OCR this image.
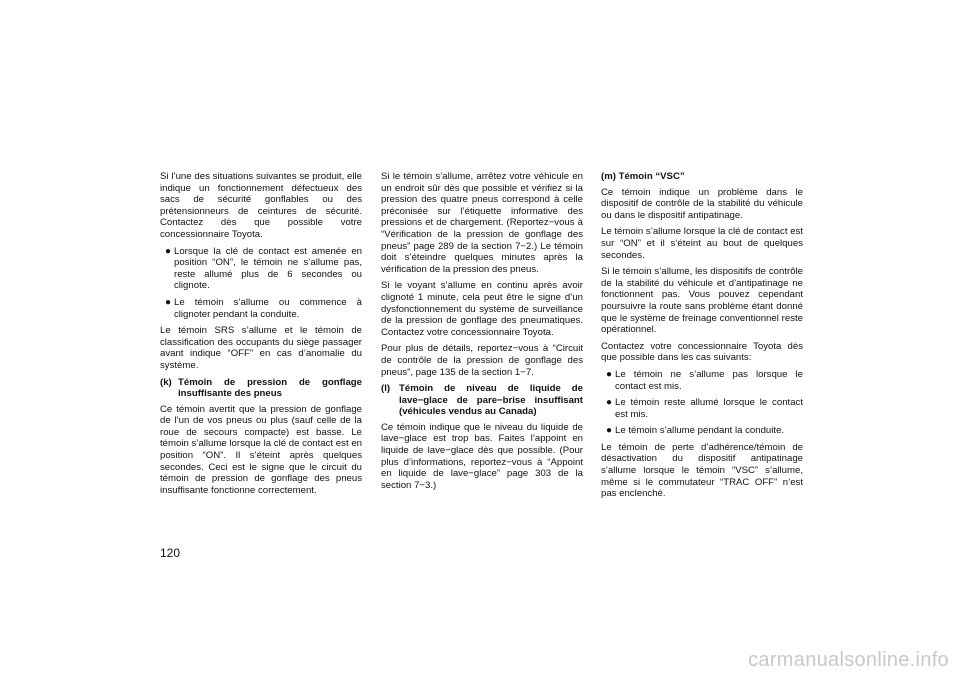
Si l’une des situations suivantes se produit, elle indique un fonctionnement défectueux des sacs de sécurité gonflables ou des prétensionneurs de ceintures de sécurité. Contactez dès que possible votre concessionnaire Toyota.

● Lorsque la clé de contact est amenée en position “ON”, le témoin ne s’allume pas, reste allumé plus de 6 secondes ou clignote.
● Le témoin s’allume ou commence à clignoter pendant la conduite.

Le témoin SRS s’allume et le témoin de classification des occupants du siège passager avant indique “OFF” en cas d’anomalie du système.

(k) Témoin de pression de gonflage insuffisante des pneus

Ce témoin avertit que la pression de gonflage de l’un de vos pneus ou plus (sauf celle de la roue de secours compacte) est basse. Le témoin s’allume lorsque la clé de contact est en position “ON”. Il s’éteint après quelques secondes. Ceci est le signe que le circuit du témoin de pression de gonflage des pneus insuffisante fonctionne correctement.

Si le témoin s’allume, arrêtez votre véhicule en un endroit sûr dès que possible et vérifiez si la pression des quatre pneus correspond à celle préconisée sur l’étiquette informative des pressions et de chargement. (Reportez−vous à “Vérification de la pression de gonflage des pneus” page 289 de la section 7−2.) Le témoin doit s’éteindre quelques minutes après la vérification de la pression des pneus.

Si le voyant s’allume en continu après avoir clignoté 1 minute, cela peut être le signe d’un dysfonctionnement du système de surveillance de la pression de gonflage des pneumatiques. Contactez votre concessionnaire Toyota.

Pour plus de détails, reportez−vous à “Circuit de contrôle de la pression de gonflage des pneus”, page 135 de la section 1−7.

(l) Témoin de niveau de liquide de lave−glace de pare−brise insuffisant (véhicules vendus au Canada)

Ce témoin indique que le niveau du liquide de lave−glace est trop bas. Faites l’appoint en liquide de lave−glace dès que possible. (Pour plus d’informations, reportez−vous à “Appoint en liquide de lave−glace” page 303 de la section 7−3.)

(m) Témoin “VSC”

Ce témoin indique un problème dans le dispositif de contrôle de la stabilité du véhicule ou dans le dispositif antipatinage.

Le témoin s’allume lorsque la clé de contact est sur “ON” et il s’éteint au bout de quelques secondes.

Si le témoin s’allume, les dispositifs de contrôle de la stabilité du véhicule et d’antipatinage ne fonctionnent pas. Vous pouvez cependant poursuivre la route sans problème étant donné que le système de freinage conventionnel reste opérationnel.

Contactez votre concessionnaire Toyota dès que possible dans les cas suivants:

● Le témoin ne s’allume pas lorsque le contact est mis.
● Le témoin reste allumé lorsque le contact est mis.
● Le témoin s’allume pendant la conduite.

Le témoin de perte d’adhérence/témoin de désactivation du dispositif antipatinage s’allume lorsque le témoin “VSC” s’allume, même si le commutateur “TRAC OFF” n’est pas enclenché.

120
carmanualsonline.info
